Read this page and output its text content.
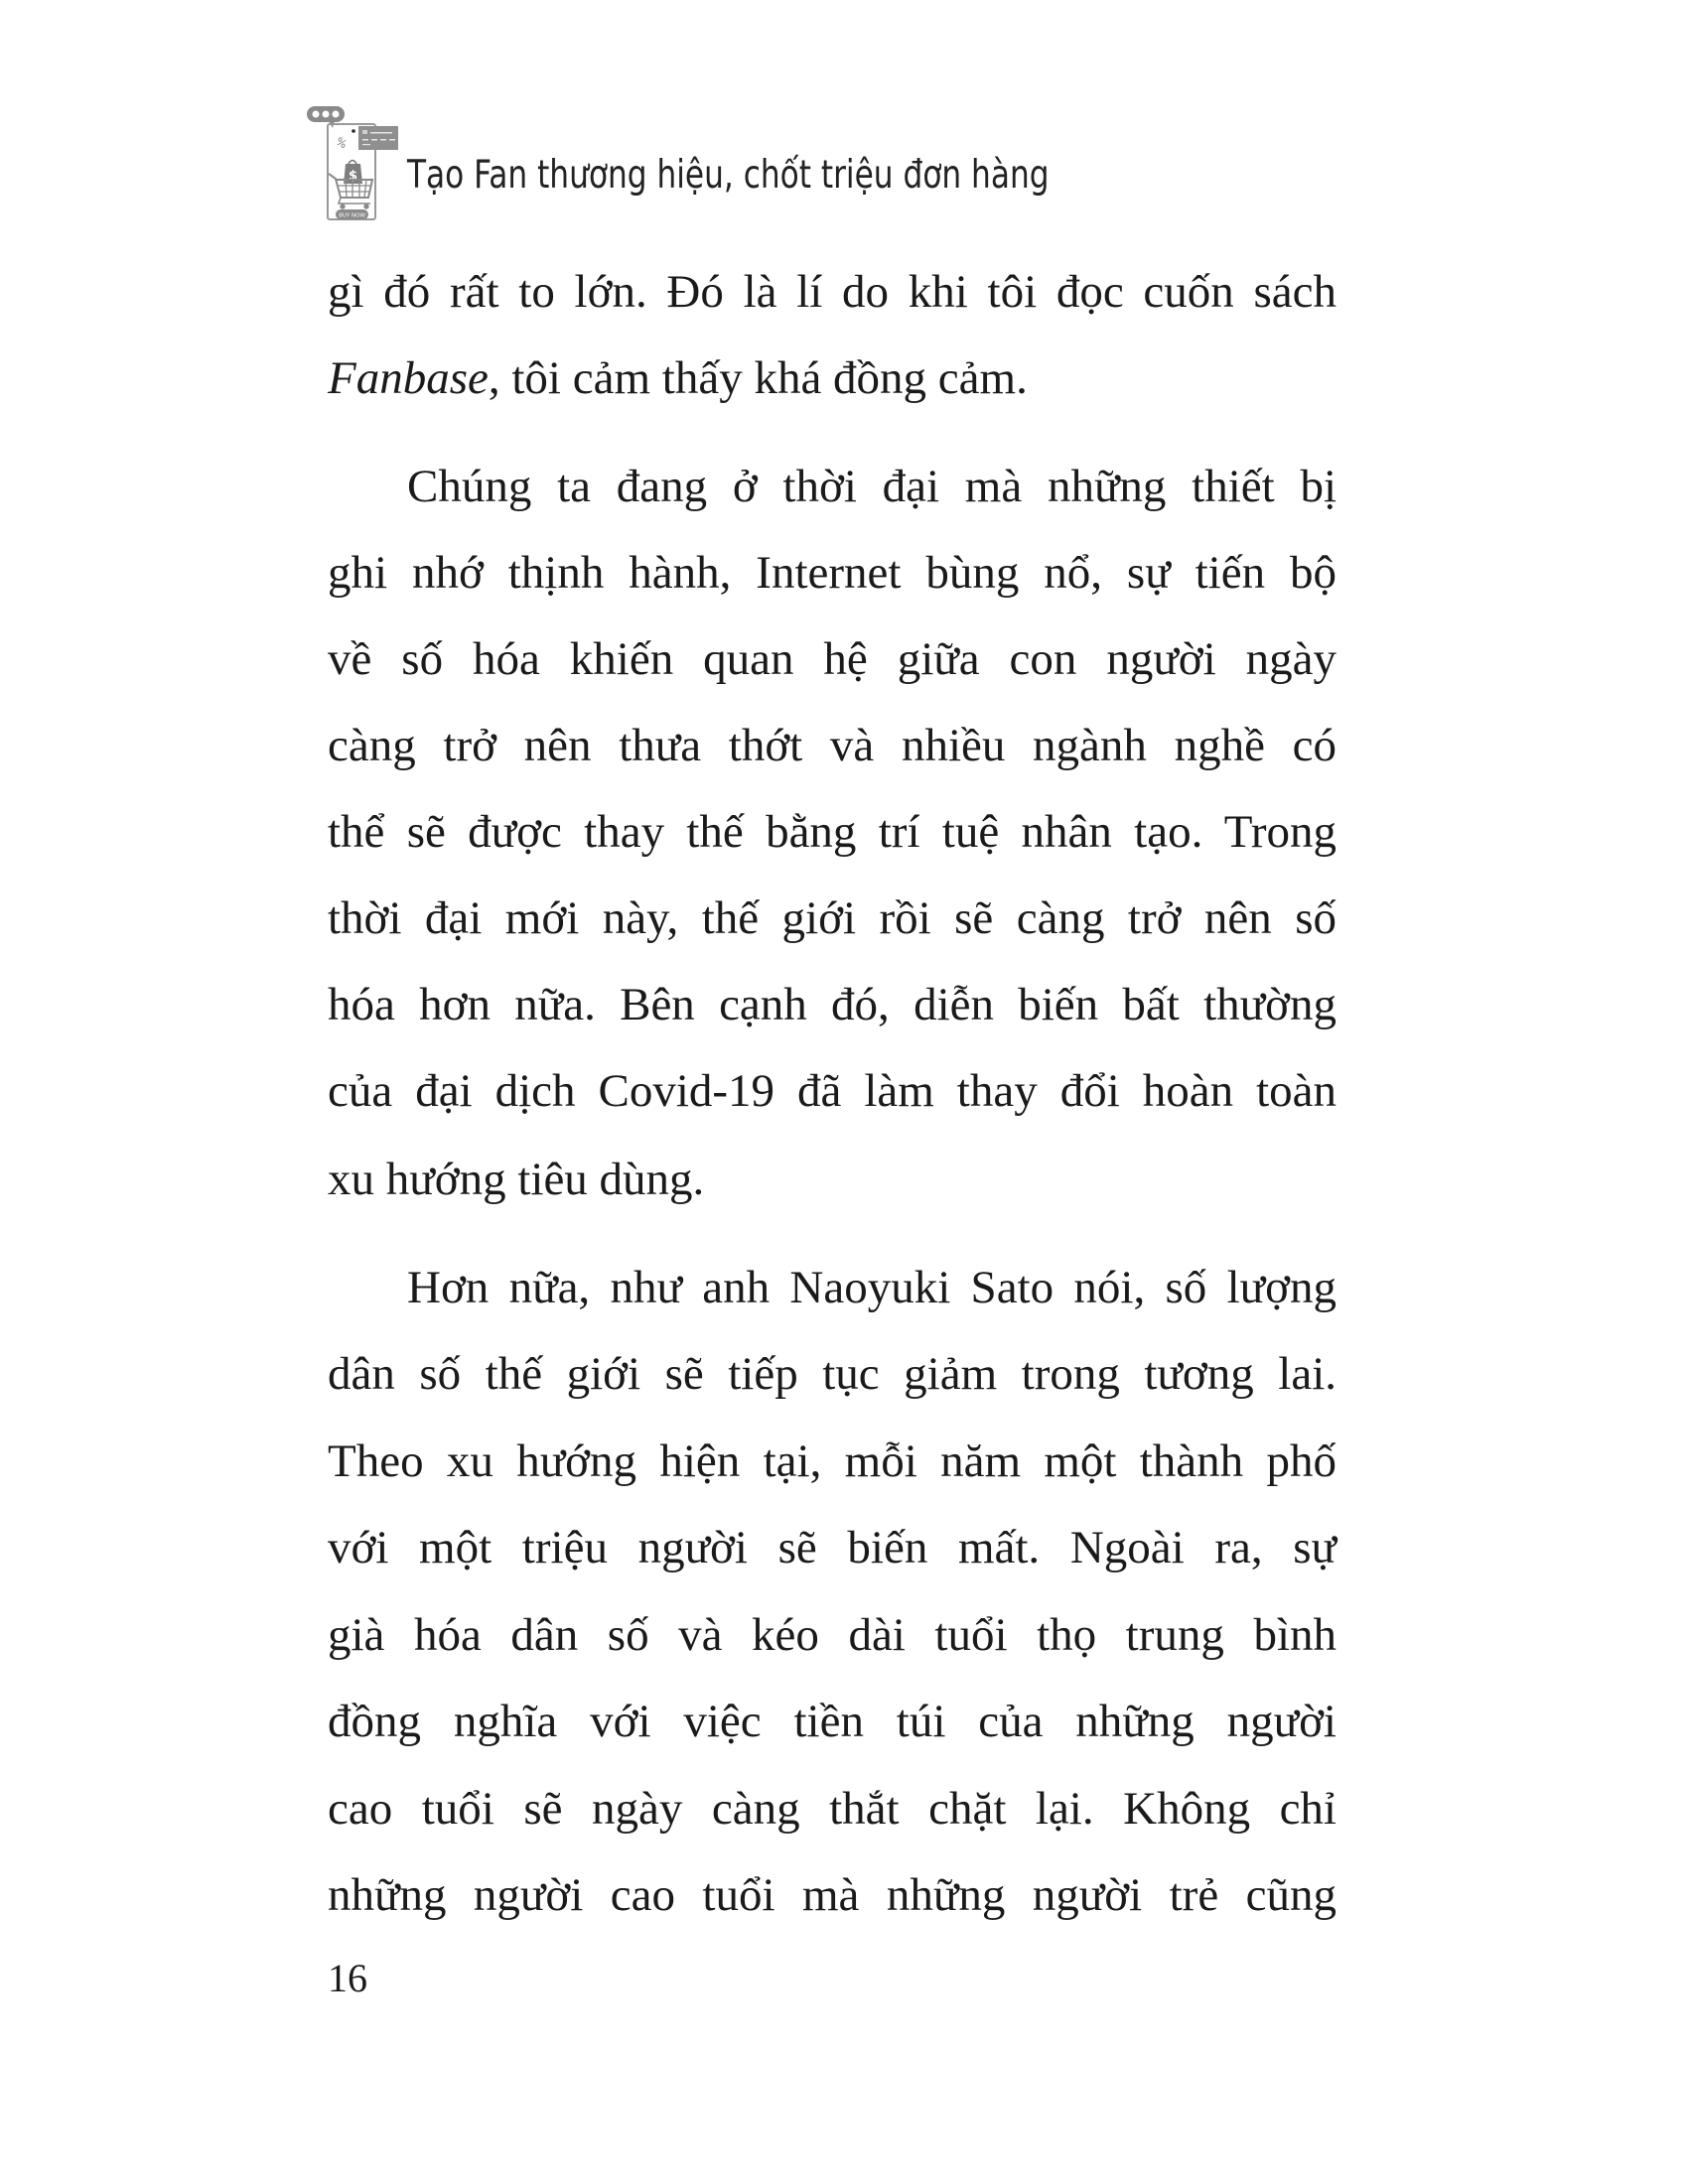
%
$
BUY NOW
Tạo Fan thương hiệu, chốt triệu đơn hàng
gì đó rất to lớn. Đó là lí do khi tôi đọc cuốn sách
Fanbase, tôi cảm thấy khá đồng cảm.
Chúng ta đang ở thời đại mà những thiết bị
ghi nhớ thịnh hành, Internet bùng nổ, sự tiến bộ
về số hóa khiến quan hệ giữa con người ngày
càng trở nên thưa thớt và nhiều ngành nghề có
thể sẽ được thay thế bằng trí tuệ nhân tạo. Trong
thời đại mới này, thế giới rồi sẽ càng trở nên số
hóa hơn nữa. Bên cạnh đó, diễn biến bất thường
của đại dịch Covid-19 đã làm thay đổi hoàn toàn
xu hướng tiêu dùng.
Hơn nữa, như anh Naoyuki Sato nói, số lượng
dân số thế giới sẽ tiếp tục giảm trong tương lai.
Theo xu hướng hiện tại, mỗi năm một thành phố
với một triệu người sẽ biến mất. Ngoài ra, sự
già hóa dân số và kéo dài tuổi thọ trung bình
đồng nghĩa với việc tiền túi của những người
cao tuổi sẽ ngày càng thắt chặt lại. Không chỉ
những người cao tuổi mà những người trẻ cũng
16
